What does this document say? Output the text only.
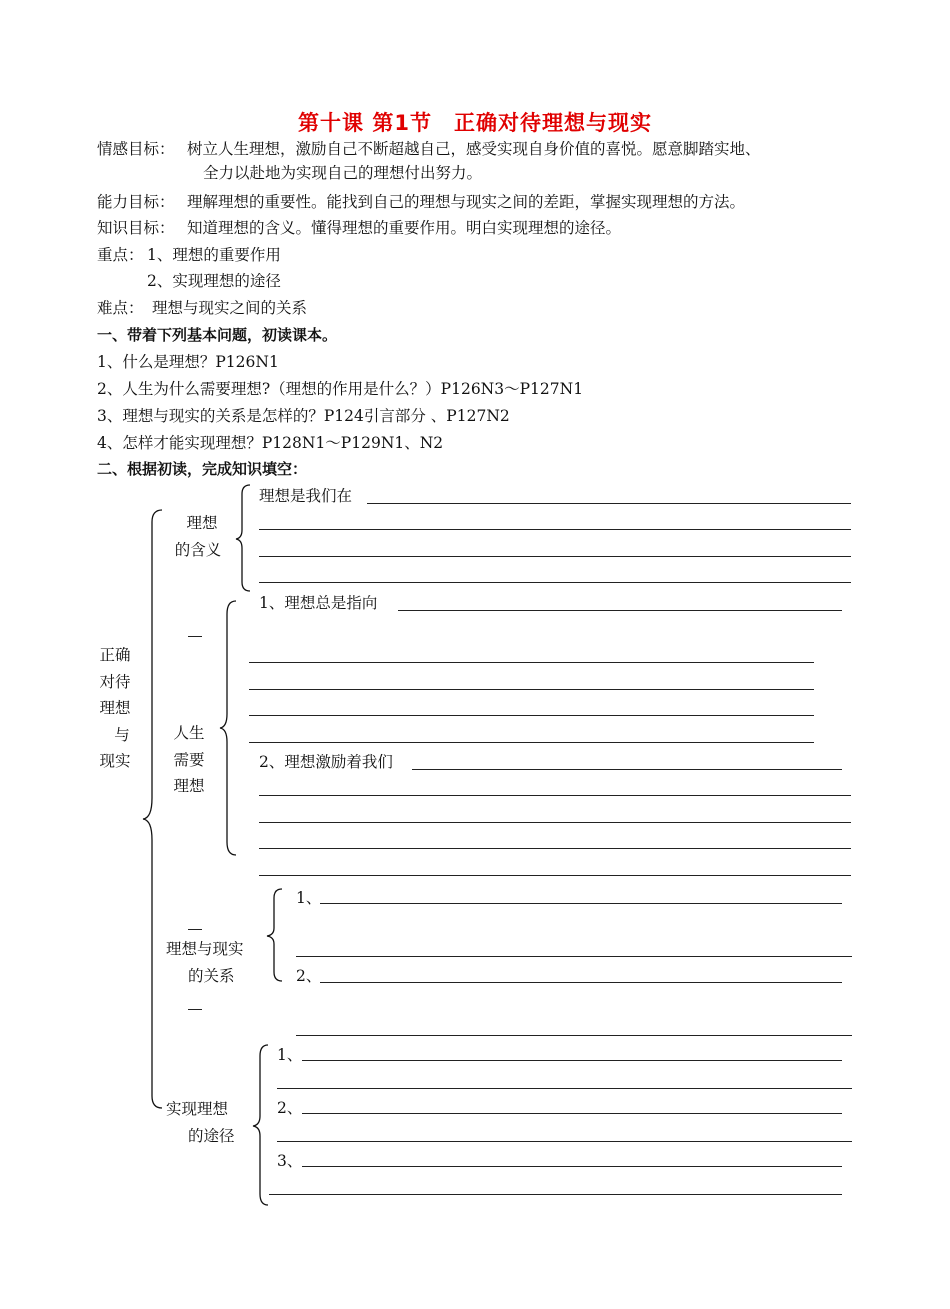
第十课 第1节　正确对待理想与现实
情感目标： 树立人生理想，激励自己不断超越自己，感受实现自身价值的喜悦。愿意脚踏实地、
全力以赴地为实现自己的理想付出努力。
能力目标： 理解理想的重要性。能找到自己的理想与现实之间的差距，掌握实现理想的方法。
知识目标： 知道理想的含义。懂得理想的重要作用。明白实现理想的途径。
重点： 1、理想的重要作用
2、实现理想的途径
难点： 理想与现实之间的关系
一、带着下列基本问题，初读课本。
1、什么是理想？P126N1
2、人生为什么需要理想?（理想的作用是什么？）P126N3～P127N1
3、理想与现实的关系是怎样的？P124引言部分 、P127N2
4、怎样才能实现理想？P128N1～P129N1、N2
二、根据初读，完成知识填空：
正确
对待
理想
与
现实
理想
的含义
理想是我们在
人生
需要
理想
1、理想总是指向
2、理想激励着我们
理想与现实
的关系
1、
2、
实现理想
的途径
1、
2、
3、
